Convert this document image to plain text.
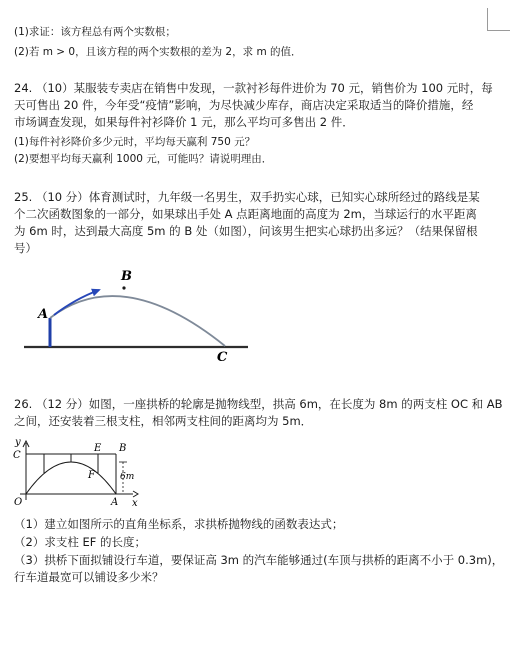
(1)求证：该方程总有两个实数根；
(2)若 m > 0，且该方程的两个实数根的差为 2，求 m 的值．
24. （10）某服装专卖店在销售中发现，一款衬衫每件进价为 70 元，销售价为 100 元时，每
天可售出 20 件，今年受“疫情”影响，为尽快减少库存，商店决定采取适当的降价措施，经
市场调查发现，如果每件衬衫降价 1 元，那么平均可多售出 2 件．
(1)每件衬衫降价多少元时，平均每天赢利 750 元？
(2)要想平均每天赢利 1000 元，可能吗？请说明理由．
25. （10 分）体育测试时，九年级一名男生，双手扔实心球，已知实心球所经过的路线是某
个二次函数图象的一部分，如果球出手处 A 点距离地面的高度为 2m，当球运行的水平距离
为 6m 时，达到最大高度 5m 的 B 处（如图），问该男生把实心球扔出多远？（结果保留根
号）
A
B
C
26. （12 分）如图，一座拱桥的轮廓是抛物线型，拱高 6m，在长度为 8m 的两支柱 OC 和 AB
之间，还安装着三根支柱，相邻两支柱间的距离均为 5m．
y
C
E B
F	6m
O	A x
（1）建立如图所示的直角坐标系，求拱桥抛物线的函数表达式；
（2）求支柱 EF 的长度；
（3）拱桥下面拟铺设行车道，要保证高 3m 的汽车能够通过(车顶与拱桥的距离不小于 0.3m)，
行车道最宽可以铺设多少米？
